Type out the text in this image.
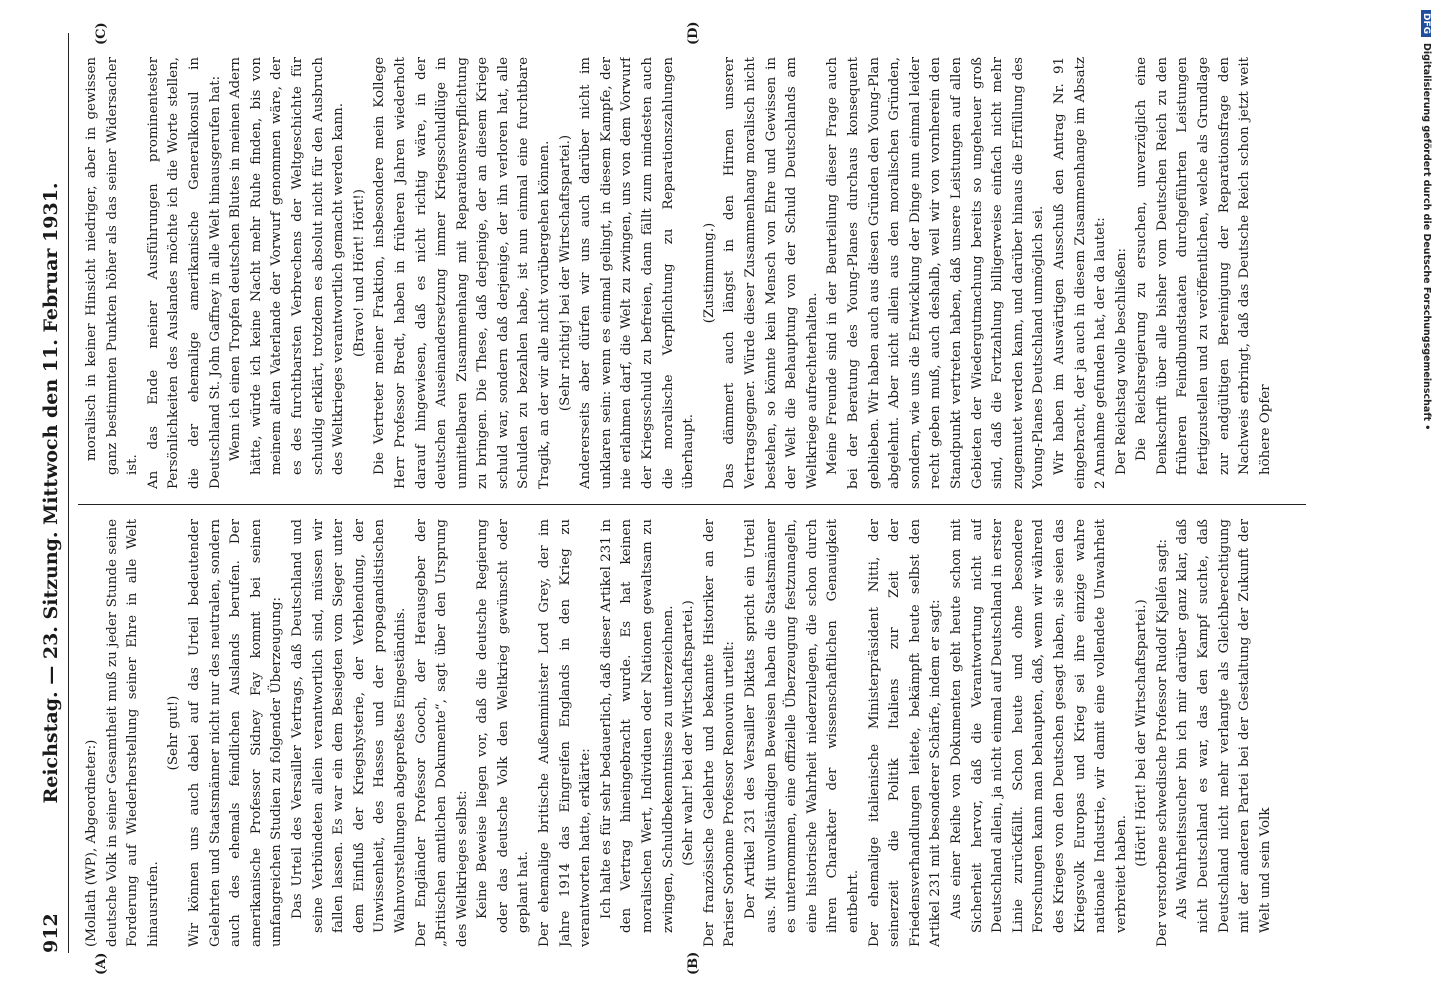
DFGDigitalisierung gefördert durch die Deutsche Forschungsgemeinschaft •
912
Reichstag. — 23. Sitzung. Mittwoch den 11. Februar 1931.
(A)	(B)
(C)	(D)

(Mollath (WP), Abgeordneter:) deutsche Volk in seiner Gesamtheit muß zu jeder Stunde seine Forderung auf Wiederherstellung seiner Ehre in alle Welt hinausrufen.

(Sehr gut!) Wir können uns auch dabei auf das Urteil bedeutender Gelehrten und Staatsmänner nicht nur des neutralen, sondern auch des ehemals feindlichen Auslands berufen. Der amerikanische Professor Sidney Fay kommt bei seinen umfangreichen Studien zu folgender Überzeugung: Das Urteil des Versailler Vertrags, daß Deutschland und seine Verbündeten allein verantwortlich sind, müssen wir fallen lassen. Es war ein dem Besiegten vom Sieger unter dem Einfluß der Kriegshysterie, der Verblendung, der Unwissenheit, des Hasses und der propagandistischen Wahnvorstellungen abgepreßtes Eingeständnis. Der Engländer Professor Gooch, der Herausgeber der „Britischen amtlichen Dokumente“, sagt über den Ursprung des Weltkrieges selbst: Keine Beweise liegen vor, daß die deutsche Regierung oder das deutsche Volk den Weltkrieg gewünscht oder geplant hat. Der ehemalige britische Außenminister Lord Grey, der im Jahre 1914 das Eingreifen Englands in den Krieg zu verantworten hatte, erklärte: Ich halte es für sehr bedauerlich, daß dieser Artikel 231 in den Vertrag hineingebracht wurde. Es hat keinen moralischen Wert, Individuen oder Nationen gewaltsam zu zwingen, Schuldbekenntnisse zu unterzeichnen. (Sehr wahr! bei der Wirtschaftspartei.) Der französische Gelehrte und bekannte Historiker an der Pariser Sorbonne Professor Renouvin urteilt: Der Artikel 231 des Versailler Diktats spricht ein Urteil aus. Mit unvollständigen Beweisen haben die Staatsmänner es unternommen, eine offizielle Überzeugung festzunageln, eine historische Wahrheit niederzulegen, die schon durch ihren Charakter der wissenschaftlichen Genauigkeit entbehrt. Der ehemalige italienische Ministerpräsident Nitti, der seinerzeit die Politik Italiens zur Zeit der Friedensverhandlungen leitete, bekämpft heute selbst den Artikel 231 mit besonderer Schärfe, indem er sagt: Aus einer Reihe von Dokumenten geht heute schon mit Sicherheit hervor, daß die Verantwortung nicht auf Deutschland allein, ja nicht einmal auf Deutschland in erster Linie zurückfällt. Schon heute und ohne besondere Forschungen kann man behaupten, daß, wenn wir während des Krieges von den Deutschen gesagt haben, sie seien das Kriegsvolk Europas und Krieg sei ihre einzige wahre nationale Industrie, wir damit eine vollendete Unwahrheit verbreitet haben.

(Hört! Hört! bei der Wirtschaftspartei.) Der verstorbene schwedische Professor Rudolf Kjellén sagt: Als Wahrheitssucher bin ich mir darüber ganz klar, daß nicht Deutschland es war, das den Kampf suchte, daß Deutschland nicht mehr verlangte als Gleichberechtigung mit der anderen Partei bei der Gestaltung der Zukunft der Welt und sein Volk

moralisch in keiner Hinsicht niedriger, aber in gewissen ganz bestimmten Punkten höher als das seiner Widersacher ist. An das Ende meiner Ausführungen prominentester Persönlichkeiten des Auslandes möchte ich die Worte stellen, die der ehemalige amerikanische Generalkonsul in Deutschland St. John Gaffney in alle Welt hinausgerufen hat: Wenn ich einen Tropfen deutschen Blutes in meinen Adern hätte, würde ich keine Nacht mehr Ruhe finden, bis von meinem alten Vaterlande der Vorwurf genommen wäre, der es des furchtbarsten Verbrechens der Weltgeschichte für schuldig erklärt, trotzdem es absolut nicht für den Ausbruch des Weltkrieges verantwortlich gemacht werden kann. (Bravo! und Hört! Hört!) Die Vertreter meiner Fraktion, insbesondere mein Kollege Herr Professor Bredt, haben in früheren Jahren wiederholt darauf hingewiesen, daß es nicht richtig wäre, in der deutschen Auseinandersetzung immer Kriegsschuldlüge in unmittelbaren Zusammenhang mit Reparationsverpflichtung zu bringen. Die These, daß derjenige, der an diesem Kriege schuld war, sondern daß derjenige, der ihn verloren hat, alle Schulden zu bezahlen habe, ist nun einmal eine furchtbare Tragik, an der wir alle nicht vorübergehen können. (Sehr richtig! bei der Wirtschaftspartei.) Andererseits aber dürfen wir uns auch darüber nicht im unklaren sein: wenn es einmal gelingt, in diesem Kampfe, der nie erlahmen darf, die Welt zu zwingen, uns von dem Vorwurf der Kriegsschuld zu befreien, dann fällt zum mindesten auch die moralische Verpflichtung zu Reparationszahlungen überhaupt.

(Zustimmung.) Das dämmert auch längst in den Hirnen unserer Vertragsgegner. Würde dieser Zusammenhang moralisch nicht bestehen, so könnte kein Mensch von Ehre und Gewissen in der Welt die Behauptung von der Schuld Deutschlands am Weltkriege aufrechterhalten. Meine Freunde sind in der Beurteilung dieser Frage auch bei der Beratung des Young-Planes durchaus konsequent geblieben. Wir haben auch aus diesen Gründen den Young-Plan abgelehnt. Aber nicht allein aus den moralischen Gründen, sondern, wie uns die Entwicklung der Dinge nun einmal leider recht geben muß, auch deshalb, weil wir von vornherein den Standpunkt vertreten haben, daß unsere Leistungen auf allen Gebieten der Wiedergutmachung bereits so ungeheuer groß sind, daß die Fortzahlung billigerweise einfach nicht mehr zugemutet werden kann, und darüber hinaus die Erfüllung des Young-Planes Deutschland unmöglich sei. Wir haben im Auswärtigen Ausschuß den Antrag Nr. 91 eingebracht, der ja auch in diesem Zusammenhange im Absatz 2 Annahme gefunden hat, der da lautet: Der Reichstag wolle beschließen: Die Reichsregierung zu ersuchen, unverzüglich eine Denkschrift über alle bisher vom Deutschen Reich zu den früheren Feindbundstaaten durchgeführten Leistungen fertigzustellen und zu veröffentlichen, welche als Grundlage zur endgültigen Bereinigung der Reparationsfrage den Nachweis erbringt, daß das Deutsche Reich schon jetzt weit höhere Opfer
